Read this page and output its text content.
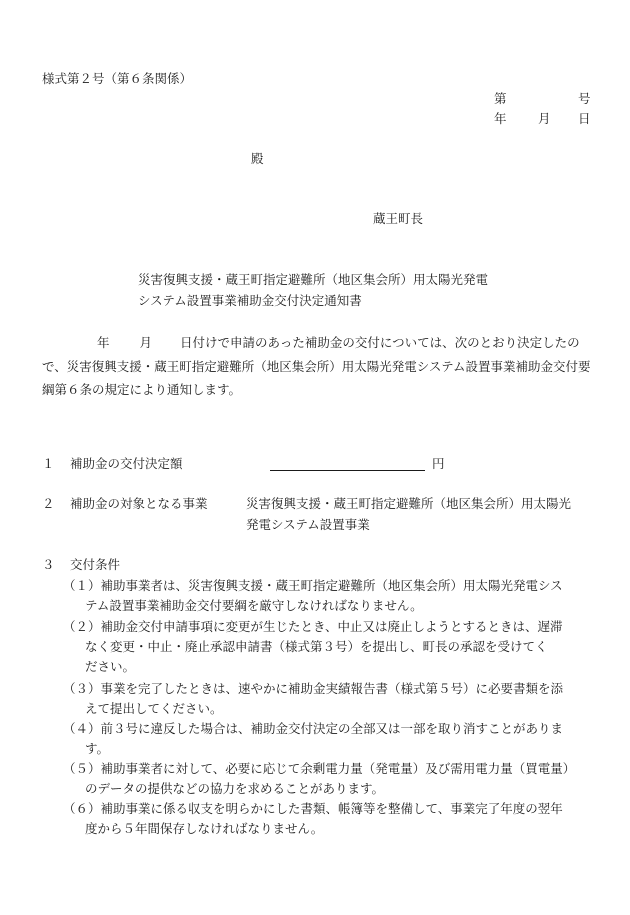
様式第２号（第６条関係）
第	号
年	月 日
殿
蔵王町長
災害復興支援・蔵王町指定避難所（地区集会所）用太陽光発電
システム設置事業補助金交付決定通知書
年 月 日付けで申請のあった補助金の交付については、次のとおり決定したので、災害復興支援・蔵王町指定避難所（地区集会所）用太陽光発電システム設置事業補助金交付要綱第６条の規定により通知します。
１ 補助金の交付決定額	円
２ 補助金の対象となる事業	災害復興支援・蔵王町指定避難所（地区集会所）用太陽光
発電システム設置事業
３ 交付条件
（１）補助事業者は、災害復興支援・蔵王町指定避難所（地区集会所）用太陽光発電シス
テム設置事業補助金交付要綱を厳守しなければなりません。
（２）補助金交付申請事項に変更が生じたとき、中止又は廃止しようとするときは、遅滞
なく変更・中止・廃止承認申請書（様式第３号）を提出し、町長の承認を受けてください。
（３）事業を完了したときは、速やかに補助金実績報告書（様式第５号）に必要書類を添
えて提出してください。
（４）前３号に違反した場合は、補助金交付決定の全部又は一部を取り消すことがありま
す。
（５）補助事業者に対して、必要に応じて余剰電力量（発電量）及び需用電力量（買電量）
のデータの提供などの協力を求めることがあります。
（６）補助事業に係る収支を明らかにした書類、帳簿等を整備して、事業完了年度の翌年
度から５年間保存しなければなりません。
